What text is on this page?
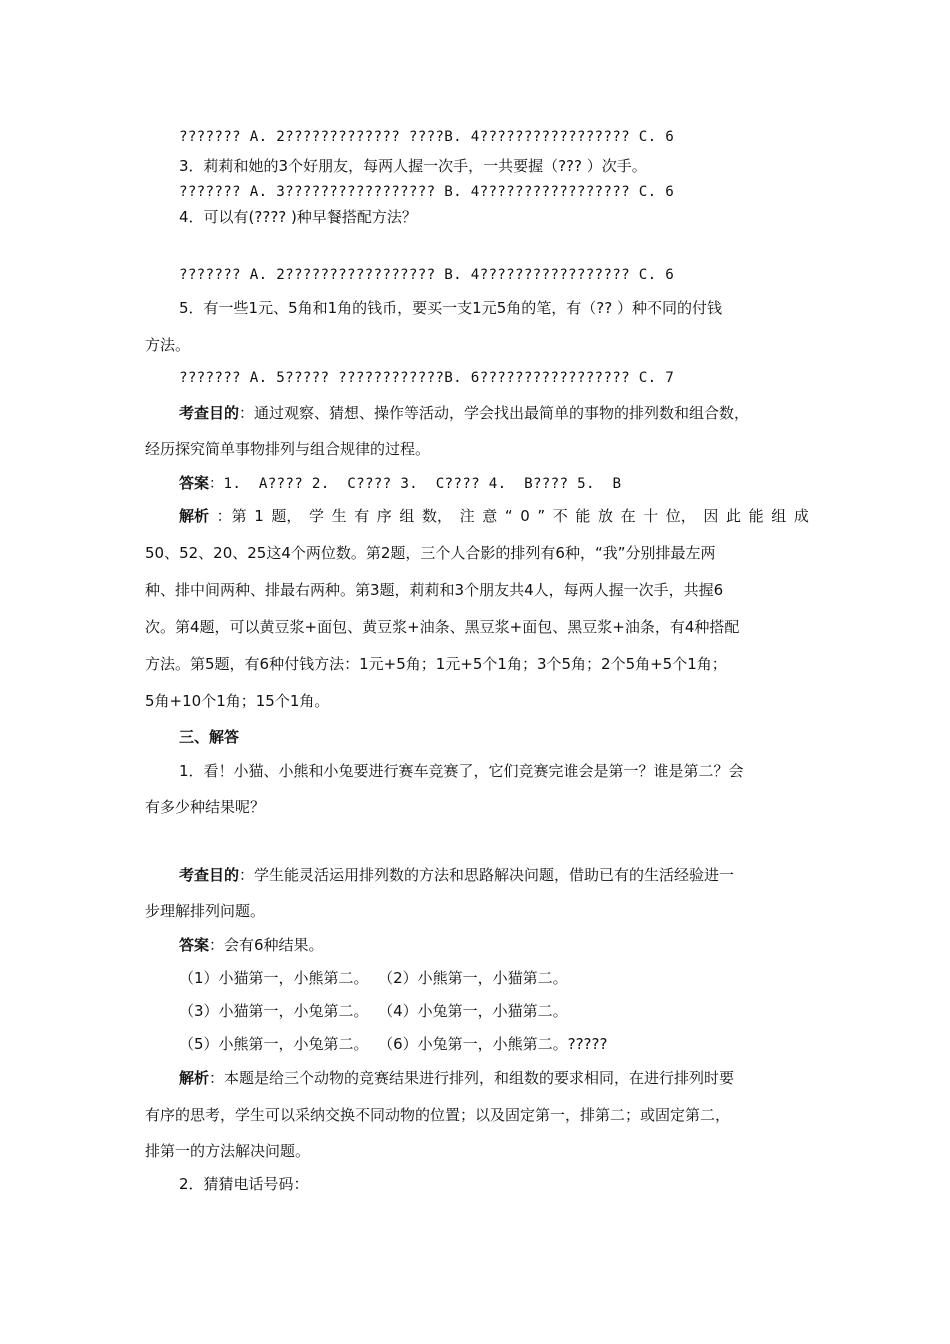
??????? A. 2????????????? ????B. 4????????????????? C. 6
3．莉莉和她的3个好朋友，每两人握一次手，一共要握（??? ）次手。
??????? A. 3????????????????? B. 4????????????????? C. 6
4．可以有(???? )种早餐搭配方法？
??????? A. 2????????????????? B. 4????????????????? C. 6
5．有一些1元、5角和1角的钱币，要买一支1元5角的笔，有（?? ）种不同的付钱
方法。
??????? A. 5????? ????????????B. 6????????????????? C. 7
考查目的：通过观察、猜想、操作等活动，学会找出最简单的事物的排列数和组合数，
经历探究简单事物排列与组合规律的过程。
答案：1.  A???? 2.  C???? 3.  C???? 4.  B???? 5.  B
解析 ：第 1 题， 学 生 有 序 组 数， 注 意 “ 0 ” 不 能 放 在 十 位， 因 此 能 组 成
50、52、20、25这4个两位数。第2题，三个人合影的排列有6种，“我”分别排最左两
种、排中间两种、排最右两种。第3题，莉莉和3个朋友共4人，每两人握一次手，共握6
次。第4题，可以黄豆浆+面包、黄豆浆+油条、黑豆浆+面包、黑豆浆+油条，有4种搭配
方法。第5题，有6种付钱方法：1元+5角；1元+5个1角；3个5角；2个5角+5个1角；
5角+10个1角；15个1角。
三、解答
1．看！小猫、小熊和小兔要进行赛车竞赛了，它们竞赛完谁会是第一？谁是第二？会
有多少种结果呢？
考查目的：学生能灵活运用排列数的方法和思路解决问题，借助已有的生活经验进一
步理解排列问题。
答案：会有6种结果。
（1）小猫第一，小熊第二。  （2）小熊第一，小猫第二。
（3）小猫第一，小兔第二。  （4）小兔第一，小猫第二。
（5）小熊第一，小兔第二。  （6）小兔第一，小熊第二。?????
解析：本题是给三个动物的竞赛结果进行排列，和组数的要求相同，在进行排列时要
有序的思考，学生可以采纳交换不同动物的位置；以及固定第一，排第二；或固定第二，
排第一的方法解决问题。
2．猜猜电话号码：
